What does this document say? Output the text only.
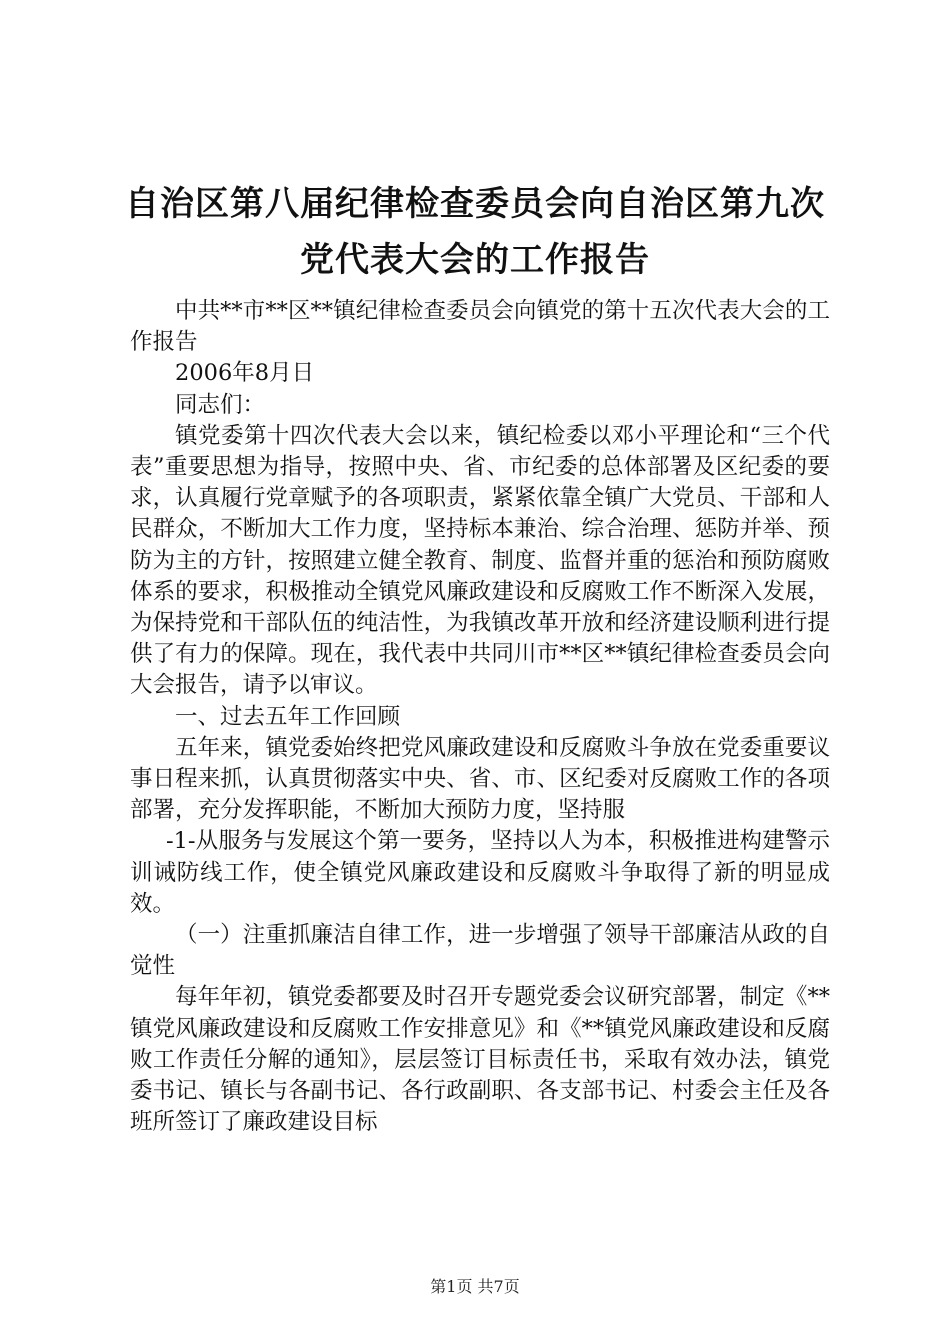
自治区第八届纪律检查委员会向自治区第九次
党代表大会的工作报告

中共**市**区**镇纪律检查委员会向镇党的第十五次代表大会的工作报告

2006年8月日

同志们：

镇党委第十四次代表大会以来，镇纪检委以邓小平理论和“三个代表”重要思想为指导，按照中央、省、市纪委的总体部署及区纪委的要求，认真履行党章赋予的各项职责，紧紧依靠全镇广大党员、干部和人民群众，不断加大工作力度，坚持标本兼治、综合治理、惩防并举、预防为主的方针，按照建立健全教育、制度、监督并重的惩治和预防腐败体系的要求，积极推动全镇党风廉政建设和反腐败工作不断深入发展，为保持党和干部队伍的纯洁性，为我镇改革开放和经济建设顺利进行提供了有力的保障。现在，我代表中共同川市**区**镇纪律检查委员会向大会报告，请予以审议。

一、过去五年工作回顾

五年来，镇党委始终把党风廉政建设和反腐败斗争放在党委重要议事日程来抓，认真贯彻落实中央、省、市、区纪委对反腐败工作的各项部署，充分发挥职能，不断加大预防力度，坚持服

-1-从服务与发展这个第一要务，坚持以人为本，积极推进构建警示训诫防线工作，使全镇党风廉政建设和反腐败斗争取得了新的明显成效。

（一）注重抓廉洁自律工作，进一步增强了领导干部廉洁从政的自觉性

每年年初，镇党委都要及时召开专题党委会议研究部署，制定《**镇党风廉政建设和反腐败工作安排意见》和《**镇党风廉政建设和反腐败工作责任分解的通知》，层层签订目标责任书，采取有效办法，镇党委书记、镇长与各副书记、各行政副职、各支部书记、村委会主任及各班所签订了廉政建设目标

第1页 共7页
